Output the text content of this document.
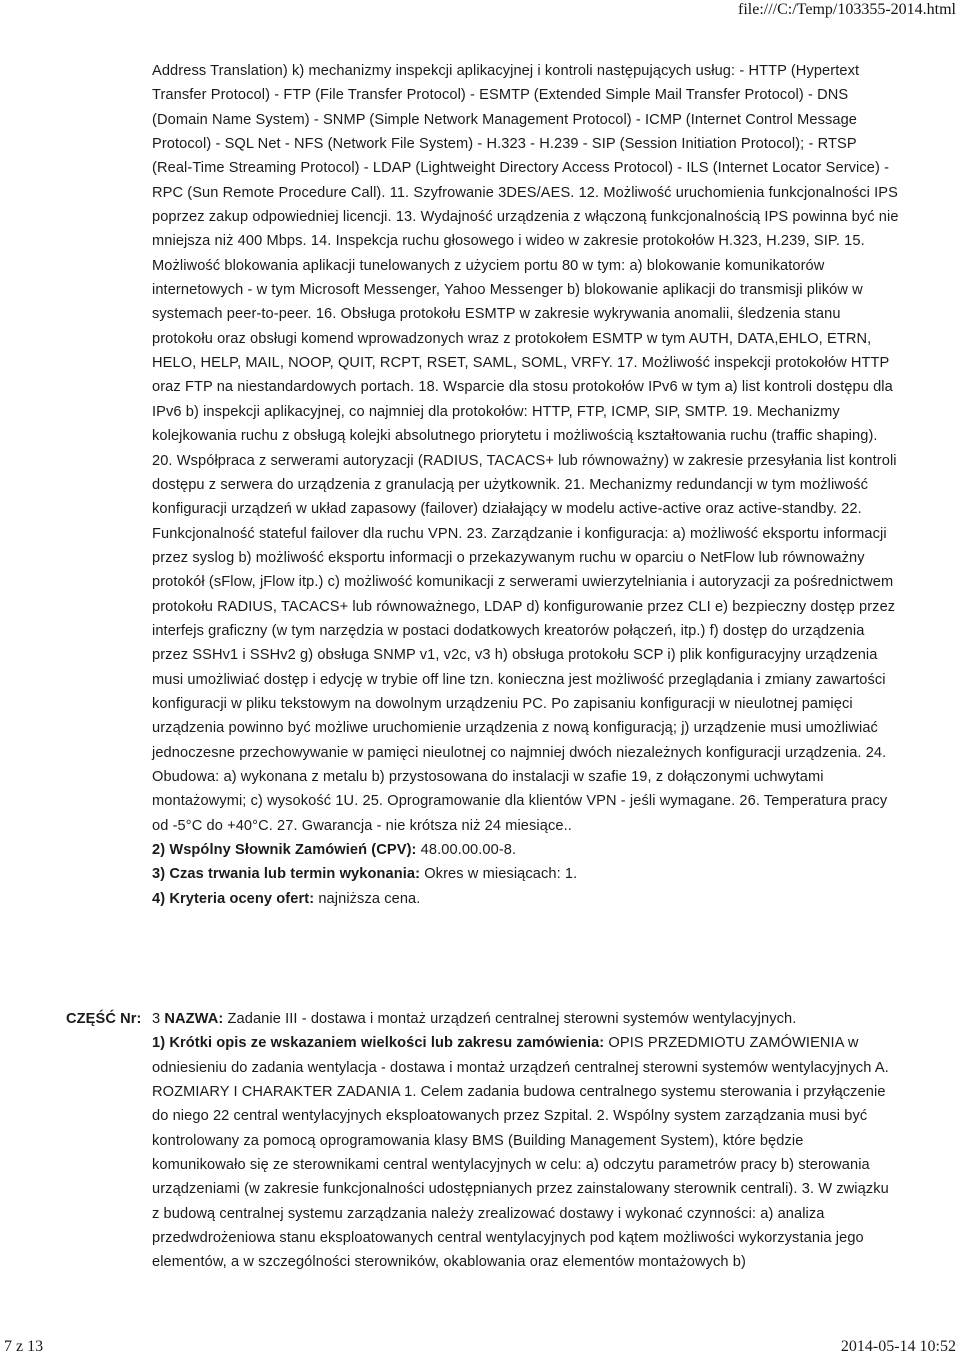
file:///C:/Temp/103355-2014.html

Address Translation) k) mechanizmy inspekcji aplikacyjnej i kontroli następujących usług: - HTTP (Hypertext Transfer Protocol) - FTP (File Transfer Protocol) - ESMTP (Extended Simple Mail Transfer Protocol) - DNS (Domain Name System) - SNMP (Simple Network Management Protocol) - ICMP (Internet Control Message Protocol) - SQL Net - NFS (Network File System) - H.323 - H.239 - SIP (Session Initiation Protocol); - RTSP (Real-Time Streaming Protocol) - LDAP (Lightweight Directory Access Protocol) - ILS (Internet Locator Service) - RPC (Sun Remote Procedure Call). 11. Szyfrowanie 3DES/AES. 12. Możliwość uruchomienia funkcjonalności IPS poprzez zakup odpowiedniej licencji. 13. Wydajność urządzenia z włączoną funkcjonalnością IPS powinna być nie mniejsza niż 400 Mbps. 14. Inspekcja ruchu głosowego i wideo w zakresie protokołów H.323, H.239, SIP. 15. Możliwość blokowania aplikacji tunelowanych z użyciem portu 80 w tym: a) blokowanie komunikatorów internetowych - w tym Microsoft Messenger, Yahoo Messenger b) blokowanie aplikacji do transmisji plików w systemach peer-to-peer. 16. Obsługa protokołu ESMTP w zakresie wykrywania anomalii, śledzenia stanu protokołu oraz obsługi komend wprowadzonych wraz z protokołem ESMTP w tym AUTH, DATA,EHLO, ETRN, HELO, HELP, MAIL, NOOP, QUIT, RCPT, RSET, SAML, SOML, VRFY. 17. Możliwość inspekcji protokołów HTTP oraz FTP na niestandardowych portach. 18. Wsparcie dla stosu protokołów IPv6 w tym a) list kontroli dostępu dla IPv6 b) inspekcji aplikacyjnej, co najmniej dla protokołów: HTTP, FTP, ICMP, SIP, SMTP. 19. Mechanizmy kolejkowania ruchu z obsługą kolejki absolutnego priorytetu i możliwością kształtowania ruchu (traffic shaping). 20. Współpraca z serwerami autoryzacji (RADIUS, TACACS+ lub równoważny) w zakresie przesyłania list kontroli dostępu z serwera do urządzenia z granulacją per użytkownik. 21. Mechanizmy redundancji w tym możliwość konfiguracji urządzeń w układ zapasowy (failover) działający w modelu active-active oraz active-standby. 22. Funkcjonalność stateful failover dla ruchu VPN. 23. Zarządzanie i konfiguracja: a) możliwość eksportu informacji przez syslog b) możliwość eksportu informacji o przekazywanym ruchu w oparciu o NetFlow lub równoważny protokół (sFlow, jFlow itp.) c) możliwość komunikacji z serwerami uwierzytelniania i autoryzacji za pośrednictwem protokołu RADIUS, TACACS+ lub równoważnego, LDAP d) konfigurowanie przez CLI e) bezpieczny dostęp przez interfejs graficzny (w tym narzędzia w postaci dodatkowych kreatorów połączeń, itp.) f) dostęp do urządzenia przez SSHv1 i SSHv2 g) obsługa SNMP v1, v2c, v3 h) obsługa protokołu SCP i) plik konfiguracyjny urządzenia musi umożliwiać dostęp i edycję w trybie off line tzn. konieczna jest możliwość przeglądania i zmiany zawartości konfiguracji w pliku tekstowym na dowolnym urządzeniu PC. Po zapisaniu konfiguracji w nieulotnej pamięci urządzenia powinno być możliwe uruchomienie urządzenia z nową konfiguracją; j) urządzenie musi umożliwiać jednoczesne przechowywanie w pamięci nieulotnej co najmniej dwóch niezależnych konfiguracji urządzenia. 24. Obudowa: a) wykonana z metalu b) przystosowana do instalacji w szafie 19, z dołączonymi uchwytami montażowymi; c) wysokość 1U. 25. Oprogramowanie dla klientów VPN - jeśli wymagane. 26. Temperatura pracy od -5°C do +40°C. 27. Gwarancja - nie krótsza niż 24 miesiące..

2) Wspólny Słownik Zamówień (CPV): 48.00.00.00-8.

3) Czas trwania lub termin wykonania: Okres w miesiącach: 1.

4) Kryteria oceny ofert: najniższa cena.

CZĘŚĆ Nr: 3 NAZWA: Zadanie III - dostawa i montaż urządzeń centralnej sterowni systemów wentylacyjnych.

1) Krótki opis ze wskazaniem wielkości lub zakresu zamówienia: OPIS PRZEDMIOTU ZAMÓWIENIA w odniesieniu do zadania wentylacja - dostawa i montaż urządzeń centralnej sterowni systemów wentylacyjnych A. ROZMIARY I CHARAKTER ZADANIA 1. Celem zadania budowa centralnego systemu sterowania i przyłączenie do niego 22 central wentylacyjnych eksploatowanych przez Szpital. 2. Wspólny system zarządzania musi być kontrolowany za pomocą oprogramowania klasy BMS (Building Management System), które będzie komunikowało się ze sterownikami central wentylacyjnych w celu: a) odczytu parametrów pracy b) sterowania urządzeniami (w zakresie funkcjonalności udostępnianych przez zainstalowany sterownik centrali). 3. W związku z budową centralnej systemu zarządzania należy zrealizować dostawy i wykonać czynności: a) analiza przedwdrożeniowa stanu eksploatowanych central wentylacyjnych pod kątem możliwości wykorzystania jego elementów, a w szczególności sterowników, okablowania oraz elementów montażowych b)

7 z 13	2014-05-14 10:52
